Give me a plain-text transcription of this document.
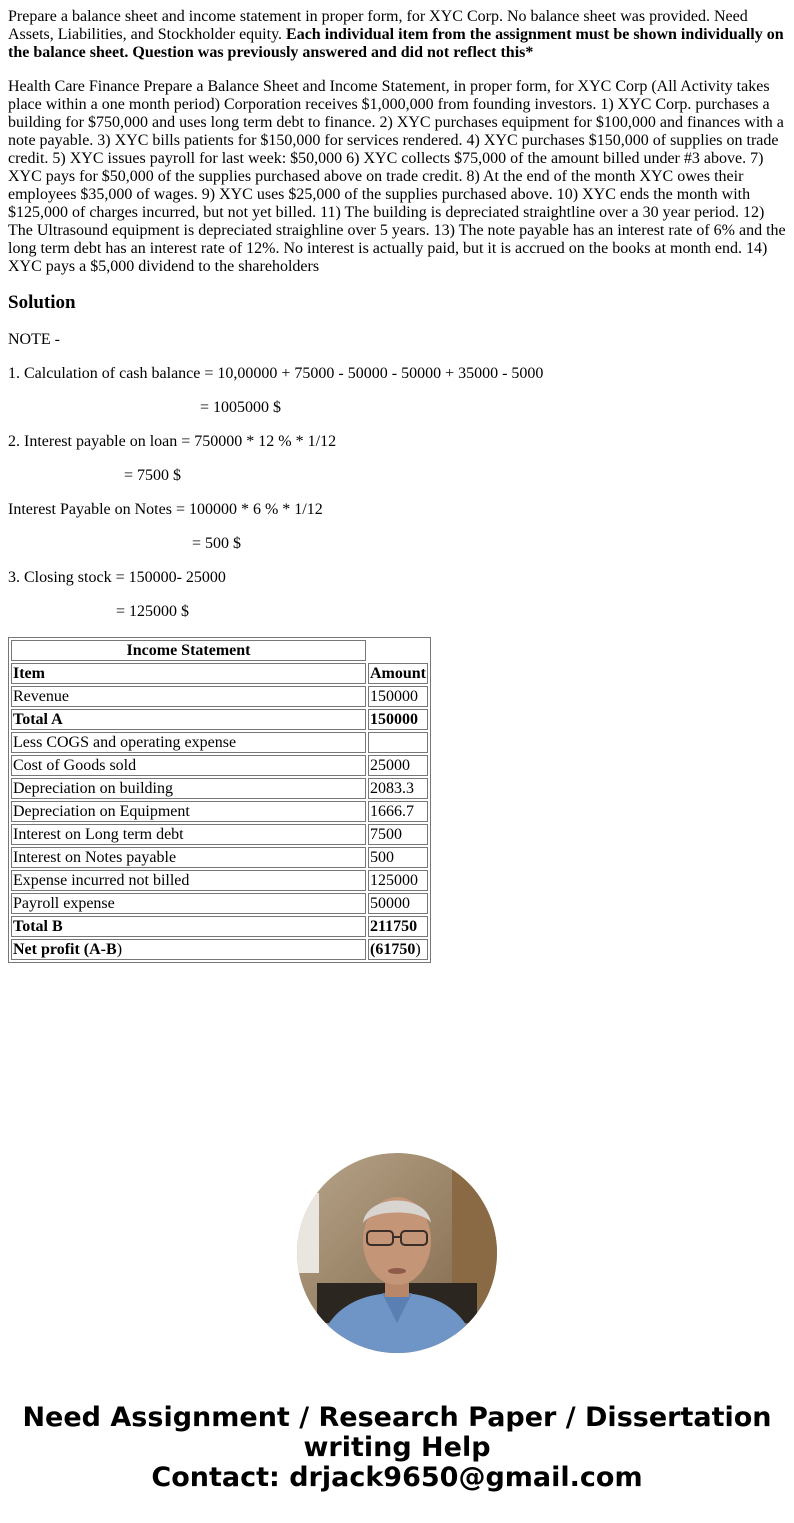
Prepare a balance sheet and income statement in proper form, for XYC Corp. No balance sheet was provided. Need Assets, Liabilities, and Stockholder equity. Each individual item from the assignment must be shown individually on the balance sheet. Question was previously answered and did not reflect this*

Health Care Finance Prepare a Balance Sheet and Income Statement, in proper form, for XYC Corp (All Activity takes place within a one month period) Corporation receives $1,000,000 from founding investors. 1) XYC Corp. purchases a building for $750,000 and uses long term debt to finance. 2) XYC purchases equipment for $100,000 and finances with a note payable. 3) XYC bills patients for $150,000 for services rendered. 4) XYC purchases $150,000 of supplies on trade credit. 5) XYC issues payroll for last week: $50,000 6) XYC collects $75,000 of the amount billed under #3 above. 7) XYC pays for $50,000 of the supplies purchased above on trade credit. 8) At the end of the month XYC owes their employees $35,000 of wages. 9) XYC uses $25,000 of the supplies purchased above. 10) XYC ends the month with $125,000 of charges incurred, but not yet billed. 11) The building is depreciated straightline over a 30 year period. 12) The Ultrasound equipment is depreciated straighline over 5 years. 13) The note payable has an interest rate of 6% and the long term debt has an interest rate of 12%. No interest is actually paid, but it is accrued on the books at month end. 14) XYC pays a $5,000 dividend to the shareholders

Solution
NOTE -
1. Calculation of cash balance = 10,00000 + 75000 - 50000 - 50000 + 35000 - 5000
= 1005000 $
2. Interest payable on loan = 750000 * 12 % * 1/12
= 7500 $
Interest Payable on Notes = 100000 * 6 % * 1/12
= 500 $
3. Closing stock = 150000- 25000
= 125000 $
Income Statement	
Item	Amount
Revenue	150000
Total A	150000
Less COGS and operating expense	
Cost of Goods sold	25000
Depreciation on building	2083.3
Depreciation on Equipment	1666.7
Interest on Long term debt	7500
Interest on Notes payable	500
Expense incurred not billed	125000
Payroll expense	50000
Total B	211750
Net profit (A-B)	(61750)
Need Assignment / Research Paper / Dissertation
writing Help
Contact: drjack9650@gmail.com
